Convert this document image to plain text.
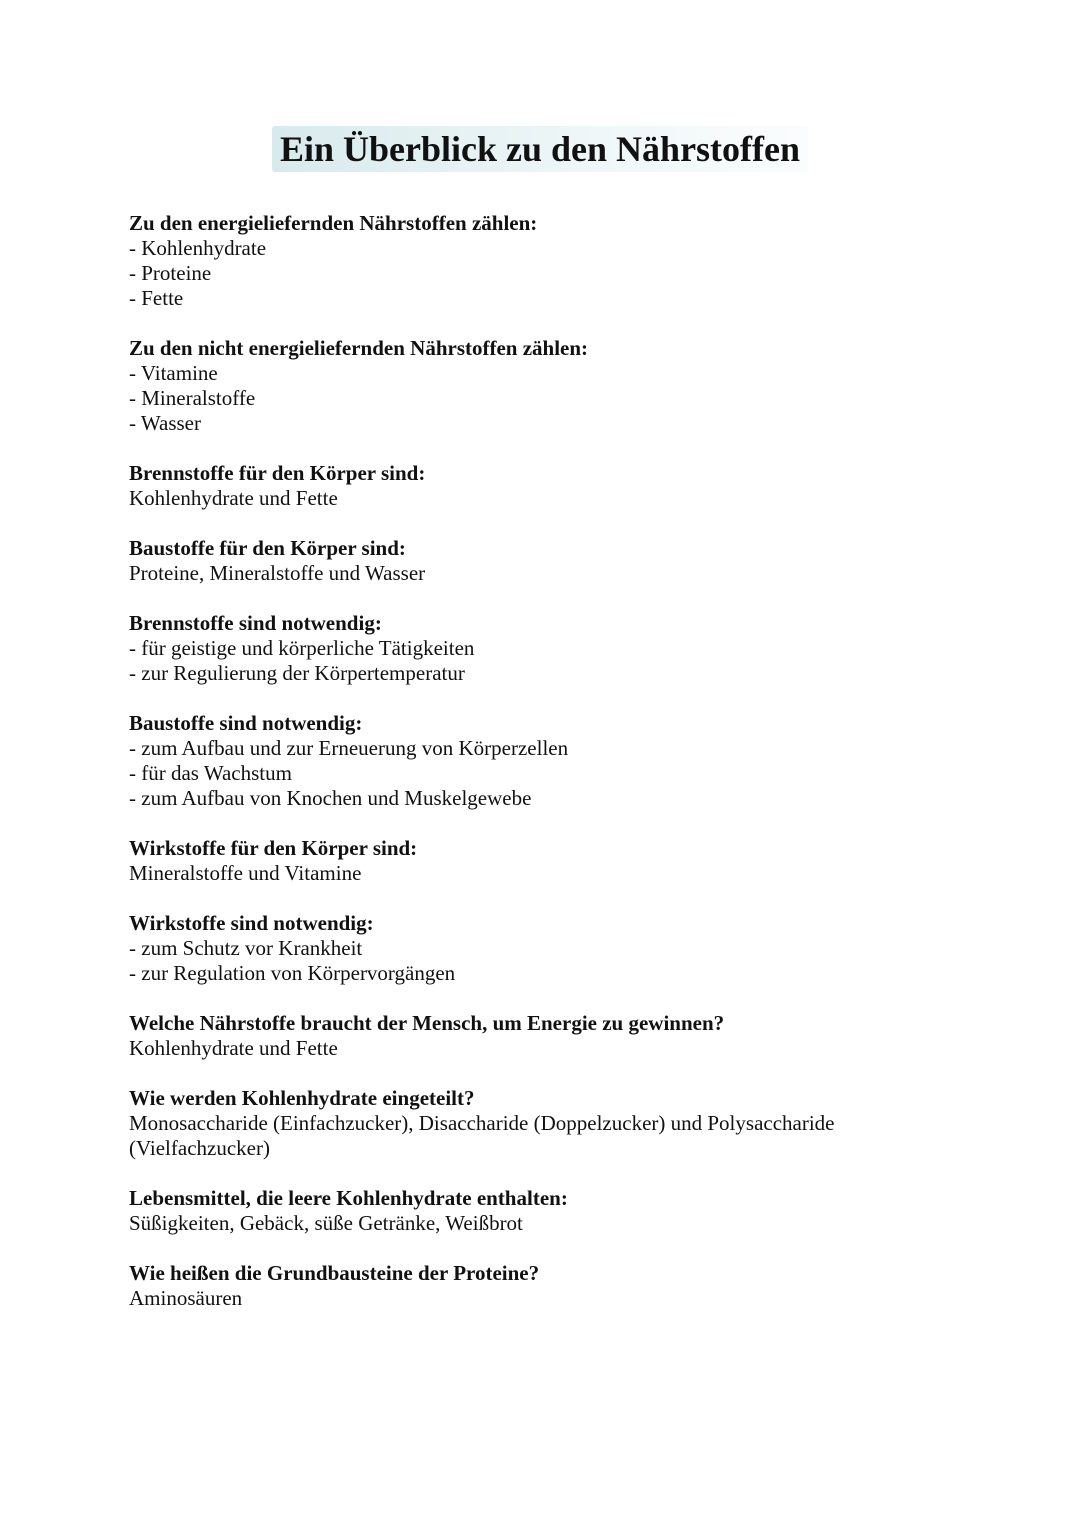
Ein Überblick zu den Nährstoffen
Zu den energieliefernden Nährstoffen zählen:
- Kohlenhydrate
- Proteine
- Fette
Zu den nicht energieliefernden Nährstoffen zählen:
- Vitamine
- Mineralstoffe
- Wasser
Brennstoffe für den Körper sind:
Kohlenhydrate und Fette
Baustoffe für den Körper sind:
Proteine, Mineralstoffe und Wasser
Brennstoffe sind notwendig:
- für geistige und körperliche Tätigkeiten
- zur Regulierung der Körpertemperatur
Baustoffe sind notwendig:
- zum Aufbau und zur Erneuerung von Körperzellen
- für das Wachstum
- zum Aufbau von Knochen und Muskelgewebe
Wirkstoffe für den Körper sind:
Mineralstoffe und Vitamine
Wirkstoffe sind notwendig:
- zum Schutz vor Krankheit
- zur Regulation von Körpervorgängen
Welche Nährstoffe braucht der Mensch, um Energie zu gewinnen?
Kohlenhydrate und Fette
Wie werden Kohlenhydrate eingeteilt?
Monosaccharide (Einfachzucker), Disaccharide (Doppelzucker) und Polysaccharide
(Vielfachzucker)
Lebensmittel, die leere Kohlenhydrate enthalten:
Süßigkeiten, Gebäck, süße Getränke, Weißbrot
Wie heißen die Grundbausteine der Proteine?
Aminosäuren
